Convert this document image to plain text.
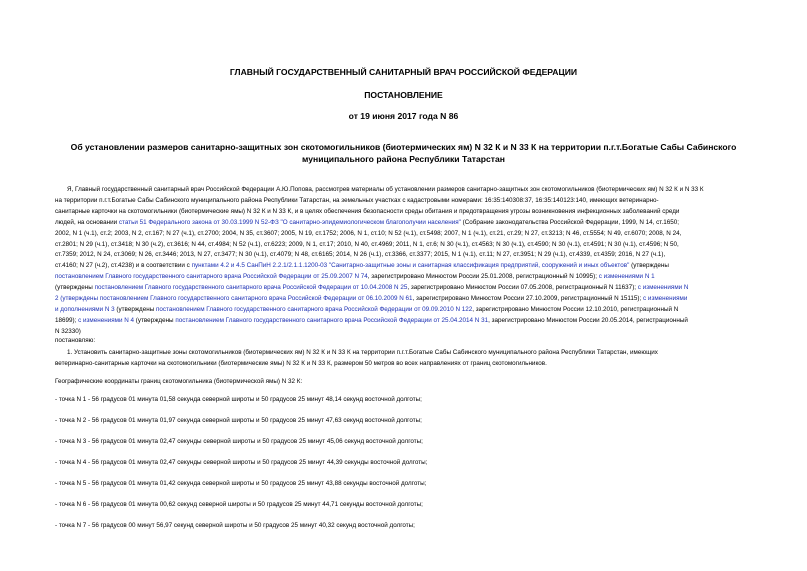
ГЛАВНЫЙ ГОСУДАРСТВЕННЫЙ САНИТАРНЫЙ ВРАЧ РОССИЙСКОЙ ФЕДЕРАЦИИ
ПОСТАНОВЛЕНИЕ
от 19 июня 2017 года N 86
Об установлении размеров санитарно-защитных зон скотомогильников (биотермических ям) N 32 К и N 33 К на территории п.г.т.Богатые Сабы Сабинского
муниципального района Республики Татарстан
Я, Главный государственный санитарный врач Российской Федерации А.Ю.Попова, рассмотрев материалы об установлении размеров санитарно-защитных зон скотомогильников (биотермических ям) N 32 К и N 33 К
на территории п.г.т.Богатые Сабы Сабинского муниципального района Республики Татарстан, на земельных участках с кадастровыми номерами: 16:35:140308:37, 16:35:140123:140, имеющих ветеринарно-
санитарные карточки на скотомогильники (биотермические ямы) N 32 К и N 33 К, и в целях обеспечения безопасности среды обитания и предотвращения угрозы возникновения инфекционных заболеваний среди
людей, на основании статьи 51 Федерального закона от 30.03.1999 N 52-ФЗ "О санитарно-эпидемиологическом благополучии населения" (Собрание законодательства Российской Федерации, 1999, N 14, ст.1650;
2002, N 1 (ч.1), ст.2; 2003, N 2, ст.167; N 27 (ч.1), ст.2700; 2004, N 35, ст.3607; 2005, N 19, ст.1752; 2006, N 1, ст.10; N 52 (ч.1), ст.5498; 2007, N 1 (ч.1), ст.21, ст.29; N 27, ст.3213; N 46, ст.5554; N 49, ст.6070; 2008, N 24,
ст.2801; N 29 (ч.1), ст.3418; N 30 (ч.2), ст.3616; N 44, ст.4984; N 52 (ч.1), ст.6223; 2009, N 1, ст.17; 2010, N 40, ст.4969; 2011, N 1, ст.6; N 30 (ч.1), ст.4563; N 30 (ч.1), ст.4590; N 30 (ч.1), ст.4591; N 30 (ч.1), ст.4596; N 50,
ст.7359; 2012, N 24, ст.3069; N 26, ст.3446; 2013, N 27, ст.3477; N 30 (ч.1), ст.4079; N 48, ст.6165; 2014, N 26 (ч.1), ст.3366, ст.3377; 2015, N 1 (ч.1), ст.11; N 27, ст.3951; N 29 (ч.1), ст.4339, ст.4359; 2016, N 27 (ч.1),
ст.4160; N 27 (ч.2), ст.4238) и в соответствии с пунктами 4.2 и 4.5 СанПиН 2.2.1/2.1.1.1200-03 "Санитарно-защитные зоны и санитарная классификация предприятий, сооружений и иных объектов" (утверждены
постановлением Главного государственного санитарного врача Российской Федерации от 25.09.2007 N 74, зарегистрировано Минюстом России 25.01.2008, регистрационный N 10995); с изменениями N 1
(утверждены постановлением Главного государственного санитарного врача Российской Федерации от 10.04.2008 N 25, зарегистрировано Минюстом России 07.05.2008, регистрационный N 11637); с изменениями N
2 (утверждены постановлением Главного государственного санитарного врача Российской Федерации от 06.10.2009 N 61, зарегистрировано Минюстом России 27.10.2009, регистрационный N 15115); с изменениями
и дополнениями N 3 (утверждены постановлением Главного государственного санитарного врача Российской Федерации от 09.09.2010 N 122, зарегистрировано Минюстом России 12.10.2010, регистрационный N
18699); с изменениями N 4 (утверждены постановлением Главного государственного санитарного врача Российской Федерации от 25.04.2014 N 31, зарегистрировано Минюстом России 20.05.2014, регистрационный
N 32330)
постановляю:
1. Установить санитарно-защитные зоны скотомогильников (биотермических ям) N 32 К и N 33 К на территории п.г.т.Богатые Сабы Сабинского муниципального района Республики Татарстан, имеющих
ветеринарно-санитарные карточки на скотомогильники (биотермические ямы) N 32 К и N 33 К, размером 50 метров во всех направлениях от границ скотомогильников.
Географические координаты границ скотомогильника (биотермической ямы) N 32 К:
- точка N 1 - 56 градусов 01 минута 01,58 секунда северной широты и 50 градусов 25 минут 48,14 секунд восточной долготы;
- точка N 2 - 56 градусов 01 минута 01,97 секунда северной широты и 50 градусов 25 минут 47,63 секунд восточной долготы;
- точка N 3 - 56 градусов 01 минута 02,47 секунды северной широты и 50 градусов 25 минут 45,06 секунд восточной долготы;
- точка N 4 - 56 градусов 01 минута 02,47 секунды северной широты и 50 градусов 25 минут 44,39 секунды восточной долготы;
- точка N 5 - 56 градусов 01 минута 01,42 секунда северной широты и 50 градусов 25 минут 43,88 секунды восточной долготы;
- точка N 6 - 56 градусов 01 минута 00,62 секунд северной широты и 50 градусов 25 минут 44,71 секунды восточной долготы;
- точка N 7 - 56 градусов 00 минут 56,97 секунд северной широты и 50 градусов 25 минут 40,32 секунд восточной долготы;
